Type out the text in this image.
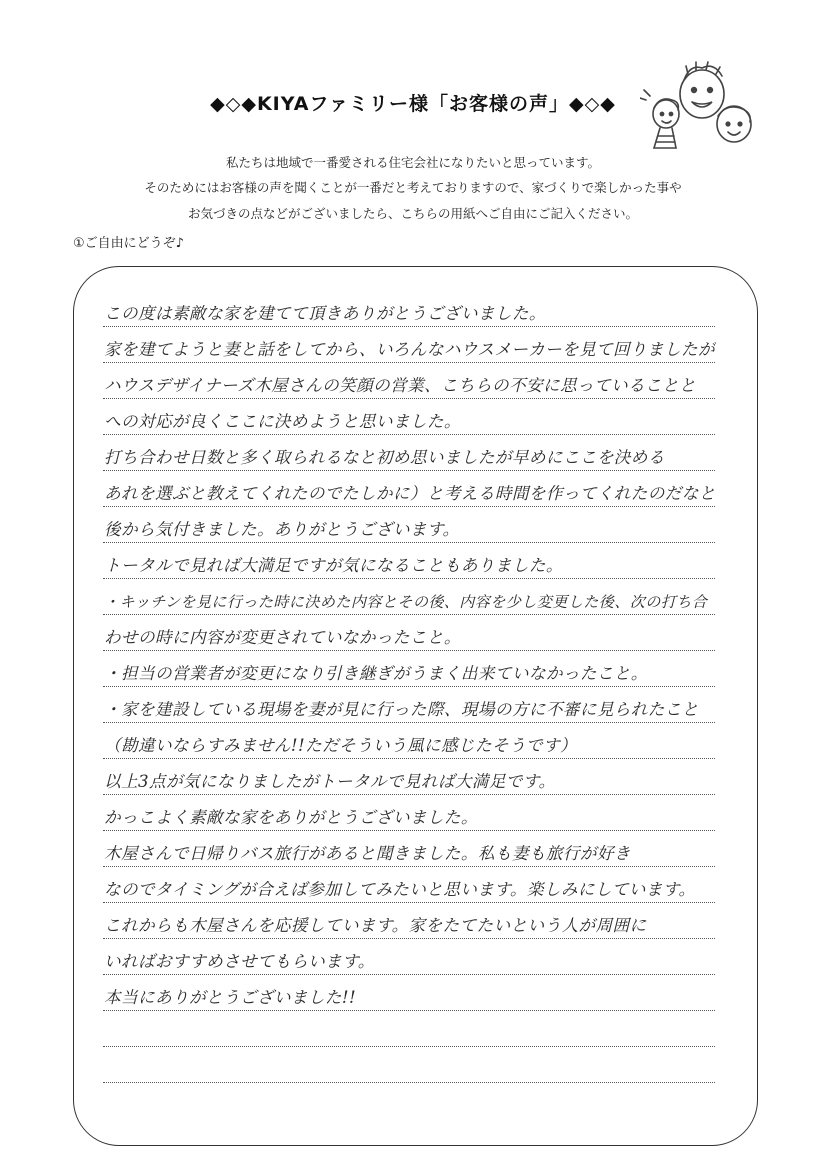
◆◇◆KIYAファミリー様「お客様の声」◆◇◆
私たちは地域で一番愛される住宅会社になりたいと思っています。
そのためにはお客様の声を聞くことが一番だと考えておりますので、家づくりで楽しかった事や
お気づきの点などがございましたら、こちらの用紙へご自由にご記入ください。
①ご自由にどうぞ♪
この度は素敵な家を建てて頂きありがとうございました。
家を建てようと妻と話をしてから、いろんなハウスメーカーを見て回りましたが
ハウスデザイナーズ木屋さんの笑顔の営業、こちらの不安に思っていることと
への対応が良くここに決めようと思いました。
打ち合わせ日数と多く取られるなと初め思いましたが早めにここを決める
あれを選ぶと教えてくれたのでたしかに）と考える時間を作ってくれたのだなと
後から気付きました。ありがとうございます。
トータルで見れば大満足ですが気になることもありました。
・キッチンを見に行った時に決めた内容とその後、内容を少し変更した後、次の打ち合
わせの時に内容が変更されていなかったこと。
・担当の営業者が変更になり引き継ぎがうまく出来ていなかったこと。
・家を建設している現場を妻が見に行った際、現場の方に不審に見られたこと
（勘違いならすみません!!ただそういう風に感じたそうです）
以上3点が気になりましたがトータルで見れば大満足です。
かっこよく素敵な家をありがとうございました。
木屋さんで日帰りバス旅行があると聞きました。私も妻も旅行が好き
なのでタイミングが合えば参加してみたいと思います。楽しみにしています。
これからも木屋さんを応援しています。家をたてたいという人が周囲に
いればおすすめさせてもらいます。
本当にありがとうございました!!
